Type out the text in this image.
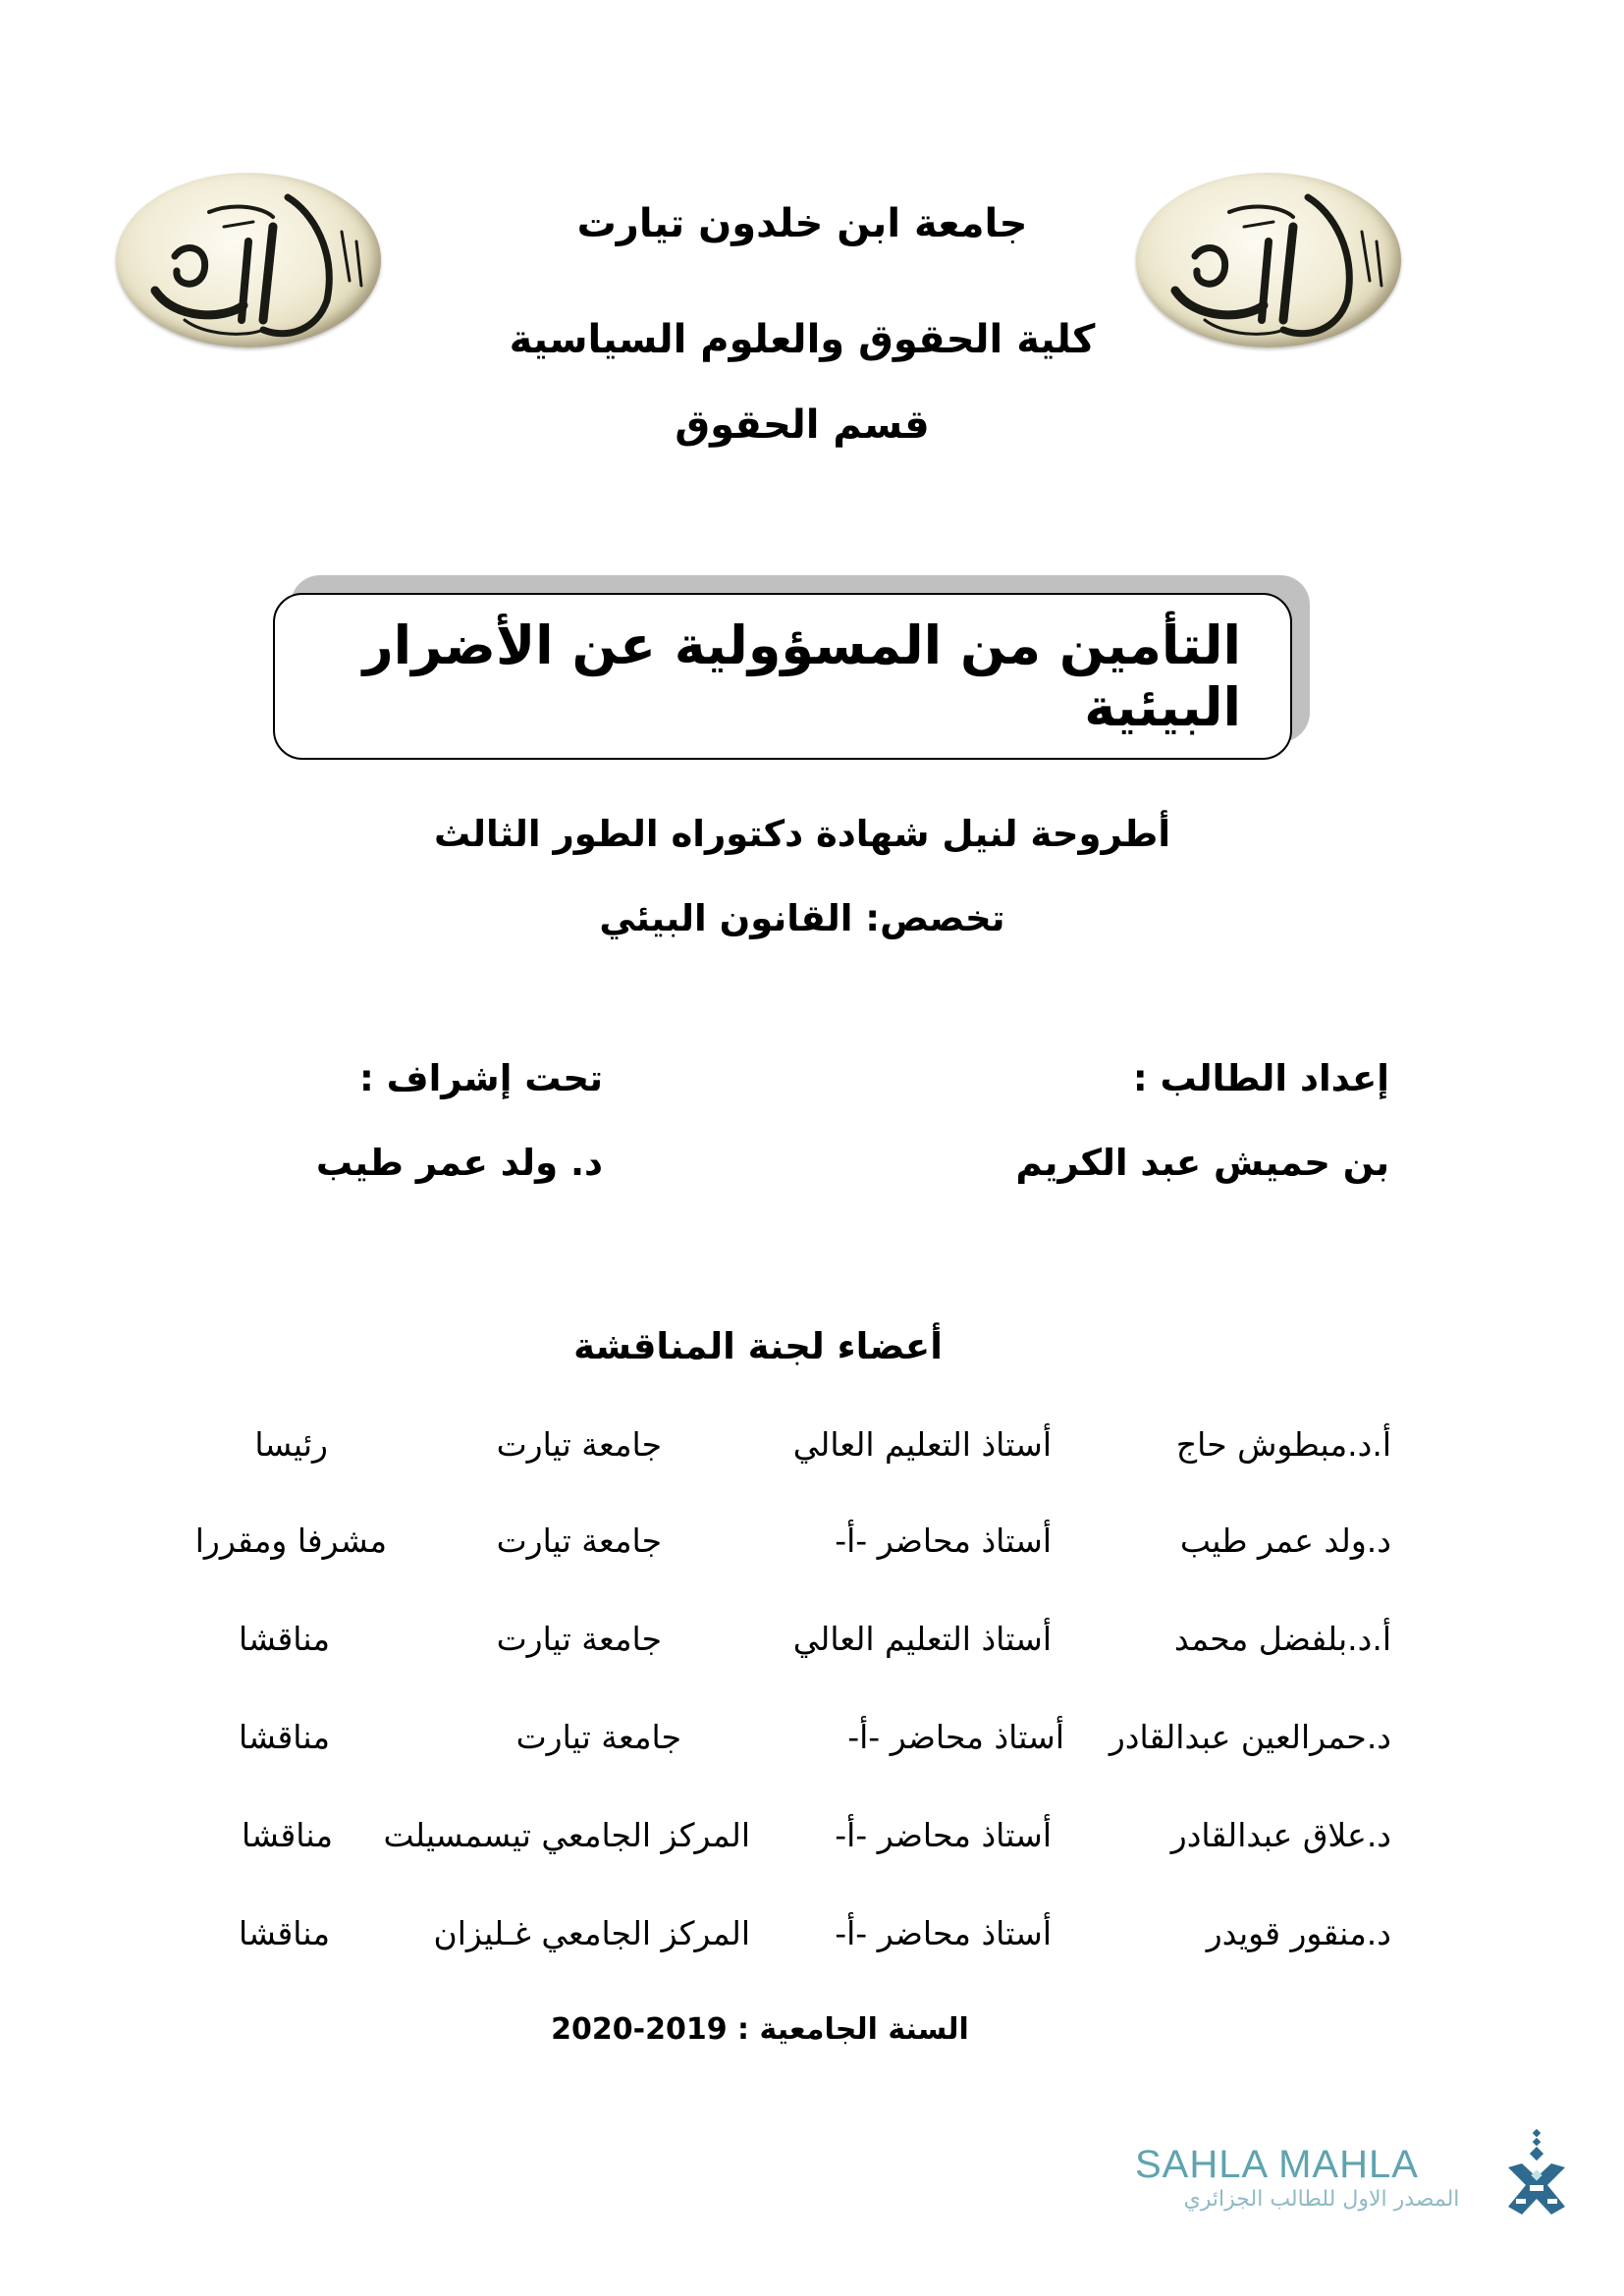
جامعة ابن خلدون تيارت
كلية الحقوق والعلوم السياسية
قسم الحقوق
التأمين من المسؤولية عن الأضرار البيئية
أطروحة لنيل شهادة دكتوراه الطور الثالث
تخصص: القانون البيئي
إعداد الطالب :
تحت إشراف :
بن حميش عبد الكريم
د. ولد عمر طيب
أعضاء لجنة المناقشة
أ.د.مبطوش حاج
أستاذ التعليم العالي
جامعة تيارت
رئيسا
د.ولد عمر طيب
أستاذ محاضر -أ-
جامعة تيارت
مشرفا ومقررا
أ.د.بلفضل محمد
أستاذ التعليم العالي
جامعة تيارت
مناقشا
د.حمرالعين عبدالقادر
أستاذ محاضر -أ-
جامعة تيارت
مناقشا
د.علاق عبدالقادر
أستاذ محاضر -أ-
المركز الجامعي تيسمسيلت
مناقشا
د.منقور قويدر
أستاذ محاضر -أ-
المركز الجامعي غـليزان
مناقشا
السنة الجامعية : 2019-2020
SAHLA MAHLA
المصدر الاول للطالب الجزائري
